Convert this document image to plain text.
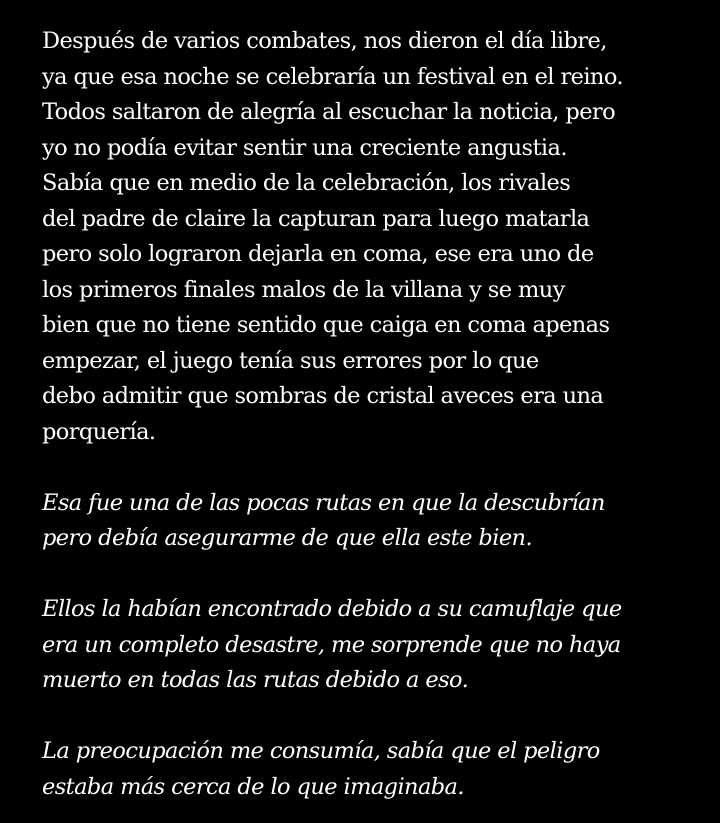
Después de varios combates, nos dieron el día libre,
ya que esa noche se celebraría un festival en el reino.
Todos saltaron de alegría al escuchar la noticia, pero
yo no podía evitar sentir una creciente angustia.
Sabía que en medio de la celebración, los rivales
del padre de claire la capturan para luego matarla
pero solo lograron dejarla en coma, ese era uno de
los primeros finales malos de la villana y se muy
bien que no tiene sentido que caiga en coma apenas
empezar, el juego tenía sus errores por lo que
debo admitir que sombras de cristal aveces era una
porquería.

Esa fue una de las pocas rutas en que la descubrían
pero debía asegurarme de que ella este bien.

Ellos la habían encontrado debido a su camuflaje que
era un completo desastre, me sorprende que no haya
muerto en todas las rutas debido a eso.

La preocupación me consumía, sabía que el peligro
estaba más cerca de lo que imaginaba.
